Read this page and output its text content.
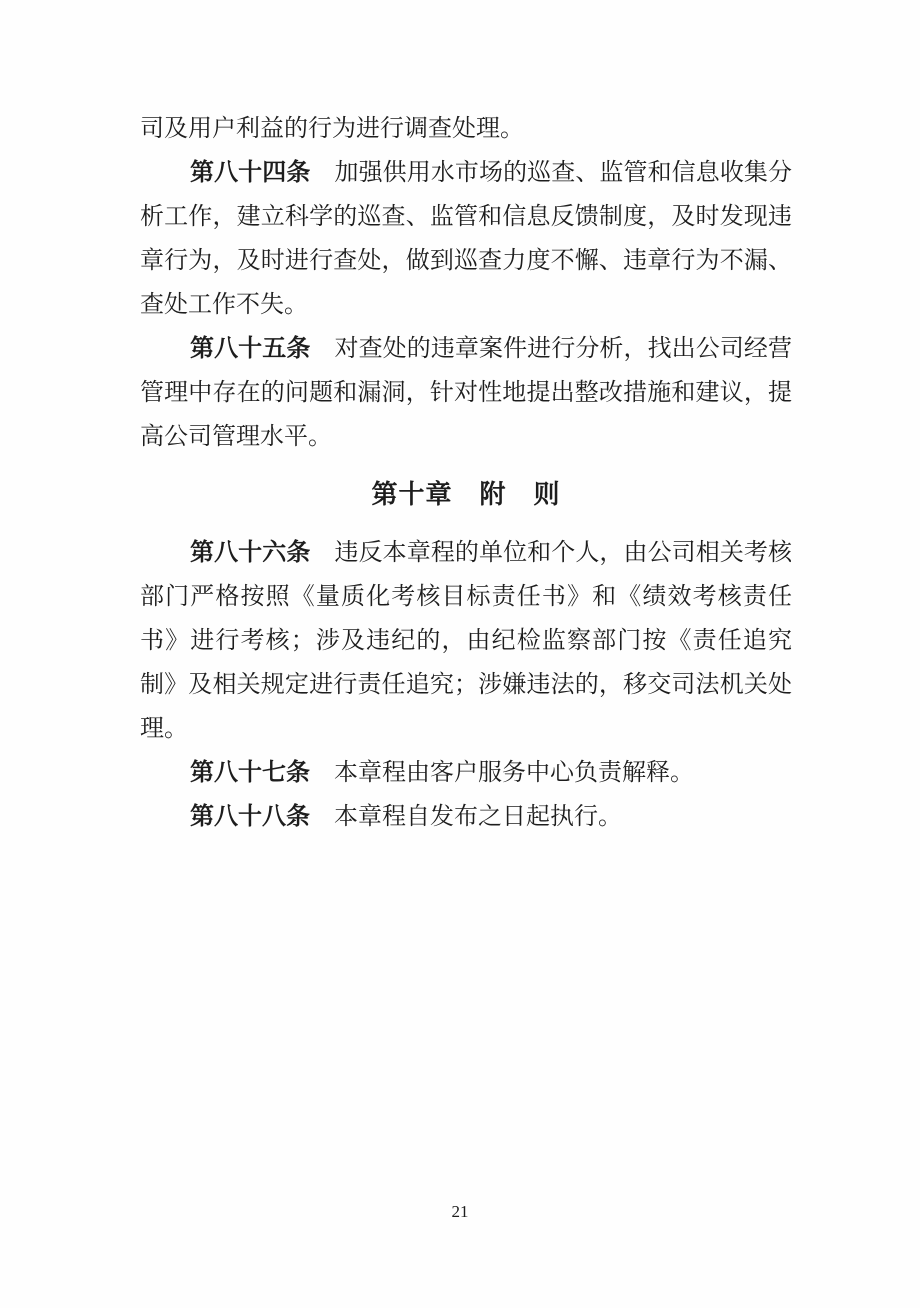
司及用户利益的行为进行调查处理。

第八十四条　 加强供用水市场的巡查、监管和信息收集分析工作，建立科学的巡查、监管和信息反馈制度，及时发现违章行为，及时进行查处，做到巡查力度不懈、违章行为不漏、查处工作不失。

第八十五条　 对查处的违章案件进行分析，找出公司经营管理中存在的问题和漏洞，针对性地提出整改措施和建议，提高公司管理水平。

第十章　附　则

第八十六条　 违反本章程的单位和个人，由公司相关考核部门严格按照《量质化考核目标责任书》和《绩效考核责任书》进行考核；涉及违纪的，由纪检监察部门按《责任追究制》及相关规定进行责任追究；涉嫌违法的，移交司法机关处理。

第八十七条　 本章程由客户服务中心负责解释。

第八十八条　 本章程自发布之日起执行。

21
